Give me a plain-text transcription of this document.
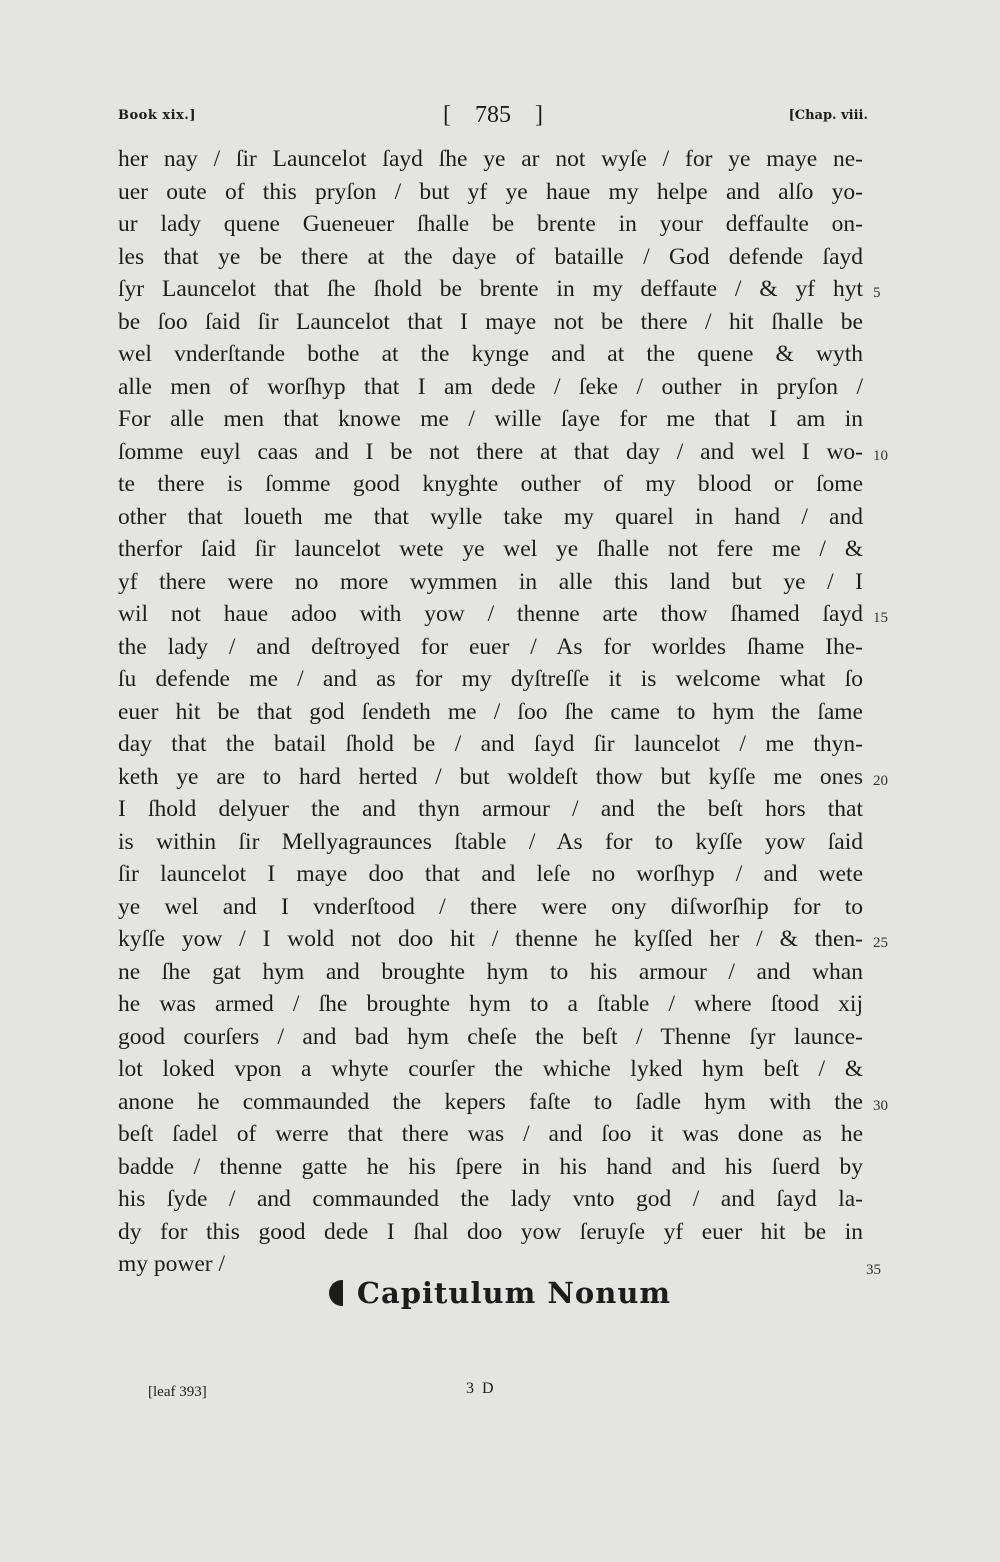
Book xix.]	[ 785 ]	[Chap. viii.
her nay / ſir Launcelot ſayd ſhe ye ar not wyſe / for ye maye ne-
uer oute of this pryſon / but yf ye haue my helpe and alſo yo-
ur lady quene Gueneuer ſhalle be brente in your deffaulte on-
les that ye be there at the daye of bataille / God defende ſayd
ſyr Launcelot that ſhe ſhold be brente in my deffaute / & yf hyt 5
be ſoo ſaid ſir Launcelot that I maye not be there / hit ſhalle be
wel vnderſtande bothe at the kynge and at the quene & wyth
alle men of worſhyp that I am dede / ſeke / outher in pryſon /
For alle men that knowe me / wille ſaye for me that I am in
ſomme euyl caas and I be not there at that day / and wel I wo- 10
te there is ſomme good knyghte outher of my blood or ſome
other that loueth me that wylle take my quarel in hand / and
therfor ſaid ſir launcelot wete ye wel ye ſhalle not fere me / &
yf there were no more wymmen in alle this land but ye / I
wil not haue adoo with yow / thenne arte thow ſhamed ſayd 15
the lady / and deſtroyed for euer / As for worldes ſhame Ihe-
ſu defende me / and as for my dyſtreſſe it is welcome what ſo
euer hit be that god ſendeth me / ſoo ſhe came to hym the ſame
day that the batail ſhold be / and ſayd ſir launcelot / me thyn-
keth ye are to hard herted / but woldeſt thow but kyſſe me ones 20
I ſhold delyuer the and thyn armour / and the beſt hors that
is within ſir Mellyagraunces ſtable / As for to kyſſe yow ſaid
ſir launcelot I maye doo that and leſe no worſhyp / and wete
ye wel and I vnderſtood / there were ony diſworſhip for to
kyſſe yow / I wold not doo hit / thenne he kyſſed her / & then- 25
ne ſhe gat hym and broughte hym to his armour / and whan
he was armed / ſhe broughte hym to a ſtable / where ſtood xij
good courſers / and bad hym cheſe the beſt / Thenne ſyr launce-
lot loked vpon a whyte courſer the whiche lyked hym beſt / &
anone he commaunded the kepers faſte to ſadle hym with the 30
beſt ſadel of werre that there was / and ſoo it was done as he
badde / thenne gatte he his ſpere in his hand and his ſuerd by
his ſyde / and commaunded the lady vnto god / and ſayd la-
dy for this good dede I ſhal doo yow ſeruyſe yf euer hit be in
my power /	35
Capitulum Nonum
[leaf 393]	3 D
